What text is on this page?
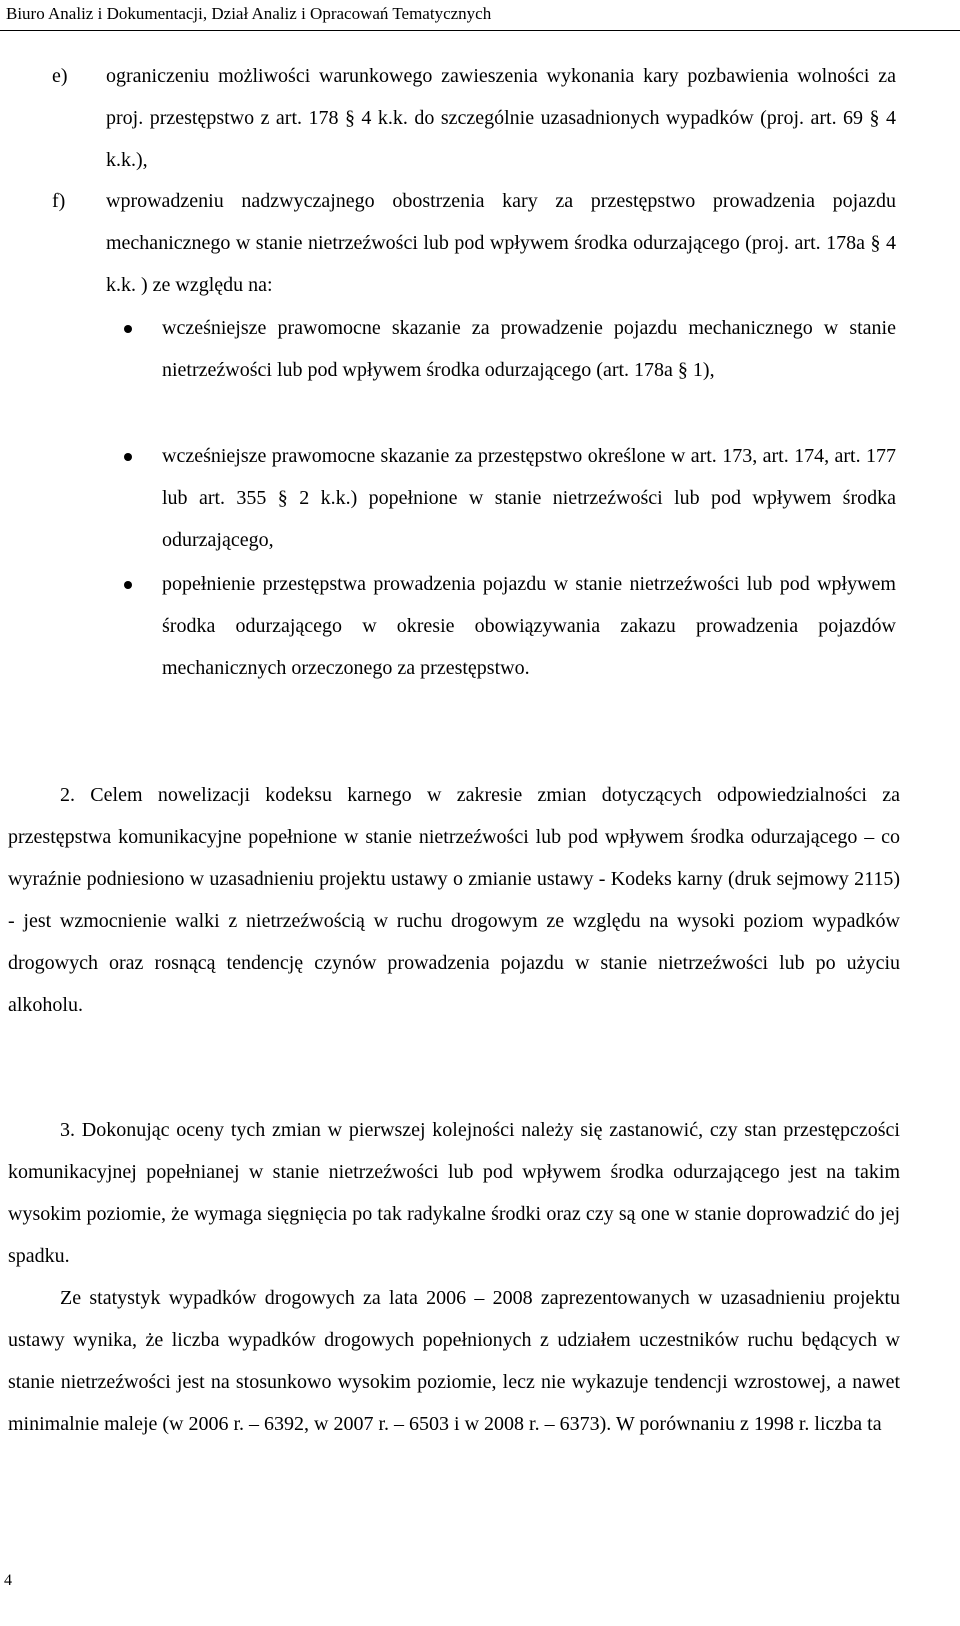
Biuro Analiz i Dokumentacji, Dział Analiz i Opracowań Tematycznych
e) ograniczeniu możliwości warunkowego zawieszenia wykonania kary pozbawienia wolności za proj. przestępstwo z art. 178 § 4 k.k. do szczególnie uzasadnionych wypadków (proj. art. 69 § 4 k.k.),
f) wprowadzeniu nadzwyczajnego obostrzenia kary za przestępstwo prowadzenia pojazdu mechanicznego w stanie nietrzeźwości lub pod wpływem środka odurzającego (proj. art. 178a § 4 k.k. ) ze względu na:
wcześniejsze prawomocne skazanie za prowadzenie pojazdu mechanicznego w stanie nietrzeźwości lub pod wpływem środka odurzającego (art. 178a § 1),
wcześniejsze prawomocne skazanie za przestępstwo określone w art. 173, art. 174, art. 177 lub art. 355 § 2 k.k.) popełnione w stanie nietrzeźwości lub pod wpływem środka odurzającego,
popełnienie przestępstwa prowadzenia pojazdu w stanie nietrzeźwości lub pod wpływem środka odurzającego w okresie obowiązywania zakazu prowadzenia pojazdów mechanicznych orzeczonego za przestępstwo.
2. Celem nowelizacji kodeksu karnego w zakresie zmian dotyczących odpowiedzialności za przestępstwa komunikacyjne popełnione w stanie nietrzeźwości lub pod wpływem środka odurzającego – co wyraźnie podniesiono w uzasadnieniu projektu ustawy o zmianie ustawy - Kodeks karny (druk sejmowy 2115) - jest wzmocnienie walki z nietrzeźwością w ruchu drogowym ze względu na wysoki poziom wypadków drogowych oraz rosnącą tendencję czynów prowadzenia pojazdu w stanie nietrzeźwości lub po użyciu alkoholu.
3. Dokonując oceny tych zmian w pierwszej kolejności należy się zastanowić, czy stan przestępczości komunikacyjnej popełnianej w stanie nietrzeźwości lub pod wpływem środka odurzającego jest na takim wysokim poziomie, że wymaga sięgnięcia po tak radykalne środki oraz czy są one w stanie doprowadzić do jej spadku.
Ze statystyk wypadków drogowych za lata 2006 – 2008 zaprezentowanych w uzasadnieniu projektu ustawy wynika, że liczba wypadków drogowych popełnionych z udziałem uczestników ruchu będących w stanie nietrzeźwości jest na stosunkowo wysokim poziomie, lecz nie wykazuje tendencji wzrostowej, a nawet minimalnie maleje (w 2006 r. – 6392, w 2007 r. – 6503 i w 2008 r. – 6373). W porównaniu z 1998 r. liczba ta
4
